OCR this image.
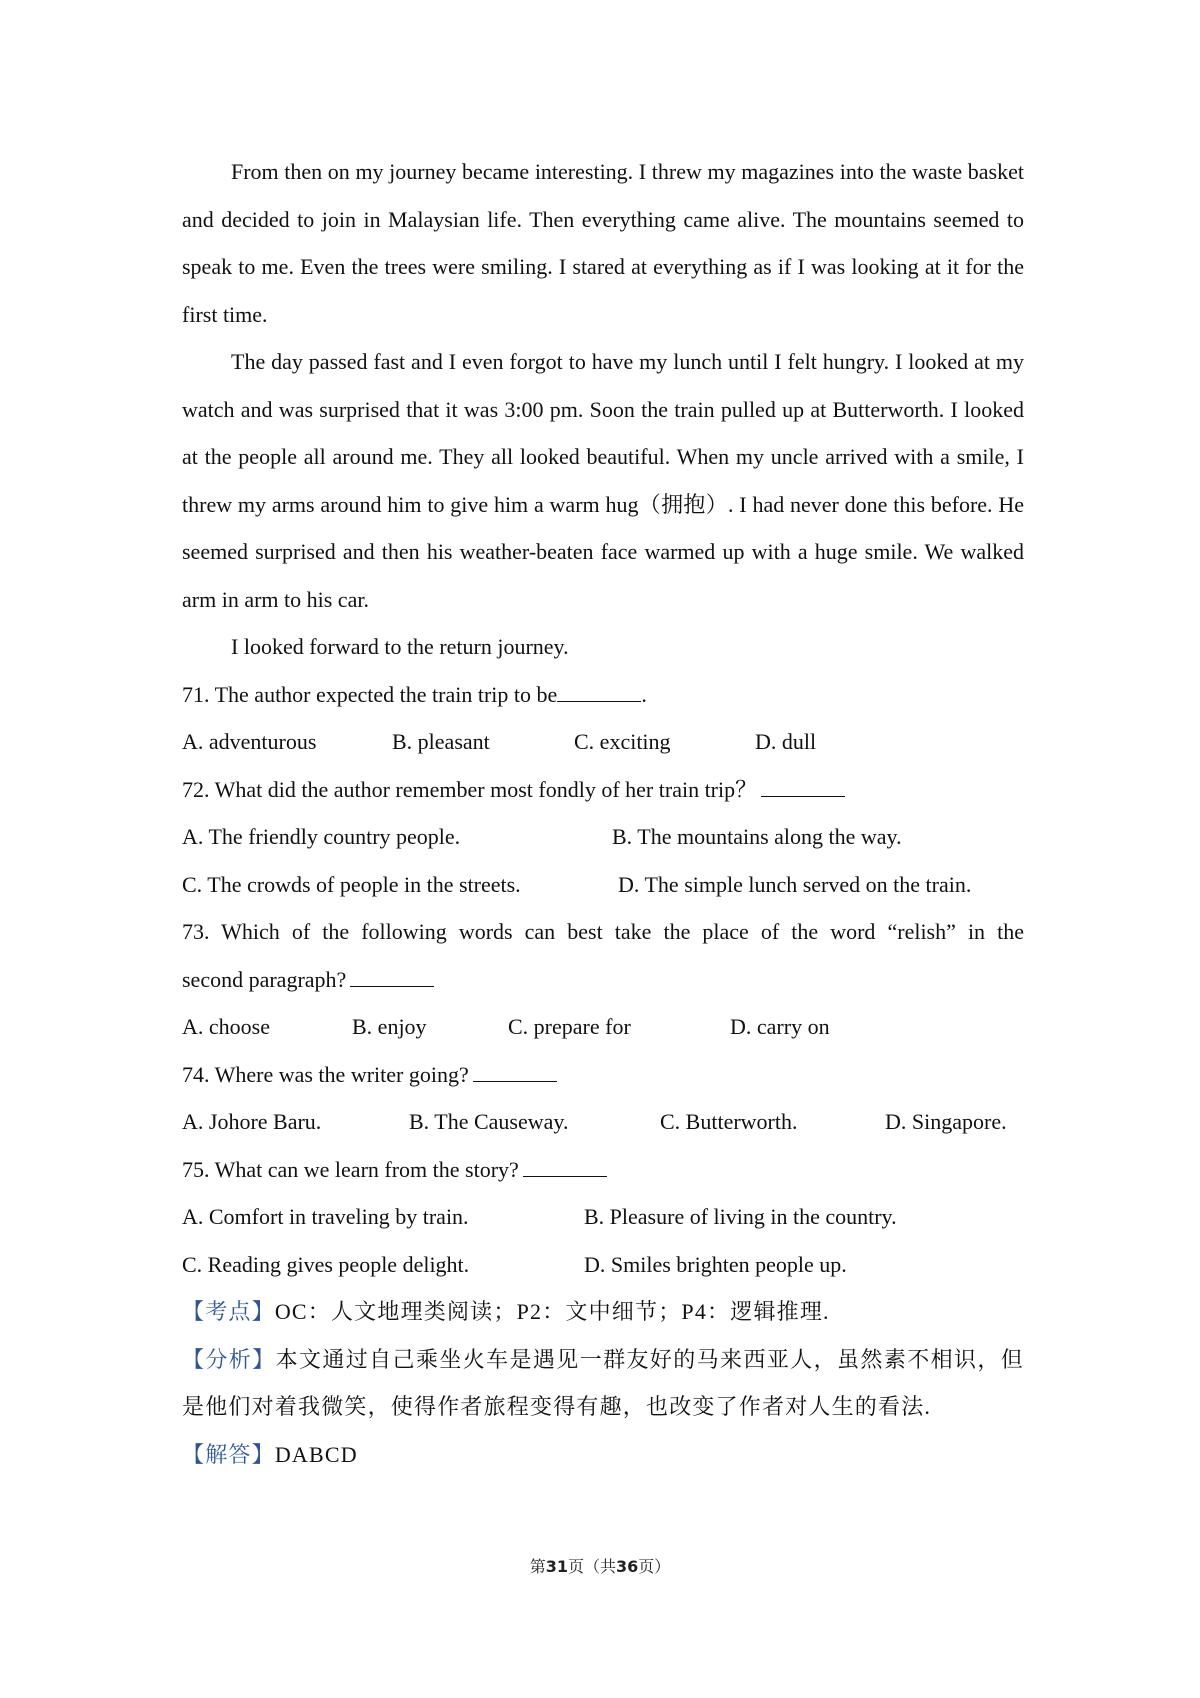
From then on my journey became interesting. I threw my magazines into the waste basket and decided to join in Malaysian life. Then everything came alive. The mountains seemed to speak to me. Even the trees were smiling. I stared at everything as if I was looking at it for the first time.

The day passed fast and I even forgot to have my lunch until I felt hungry. I looked at my watch and was surprised that it was 3:00 pm. Soon the train pulled up at Butterworth. I looked at the people all around me. They all looked beautiful. When my uncle arrived with a smile, I threw my arms around him to give him a warm hug（拥抱）. I had never done this before. He seemed surprised and then his weather-beaten face warmed up with a huge smile. We walked arm in arm to his car.

I looked forward to the return journey.

71. The author expected the train trip to be	.
A. adventurous	B. pleasant	C. exciting	D. dull
72. What did the author remember most fondly of her train trip？
A. The friendly country people.	B. The mountains along the way.
C. The crowds of people in the streets.	D. The simple lunch served on the train.
73. Which of the following words can best take the place of the word “relish” in the
second paragraph?
A. choose	B. enjoy	C. prepare for	D. carry on
74. Where was the writer going?
A. Johore Baru.	B. The Causeway.	C. Butterworth.	D. Singapore.
75. What can we learn from the story?
A. Comfort in traveling by train.	B. Pleasure of living in the country.
C. Reading gives people delight.	D. Smiles brighten people up.
【考点】OC：人文地理类阅读；P2：文中细节；P4：逻辑推理.

【分析】本文通过自己乘坐火车是遇见一群友好的马来西亚人，虽然素不相识，但是他们对着我微笑，使得作者旅程变得有趣，也改变了作者对人生的看法.

【解答】DABCD
第31页（共36页）
